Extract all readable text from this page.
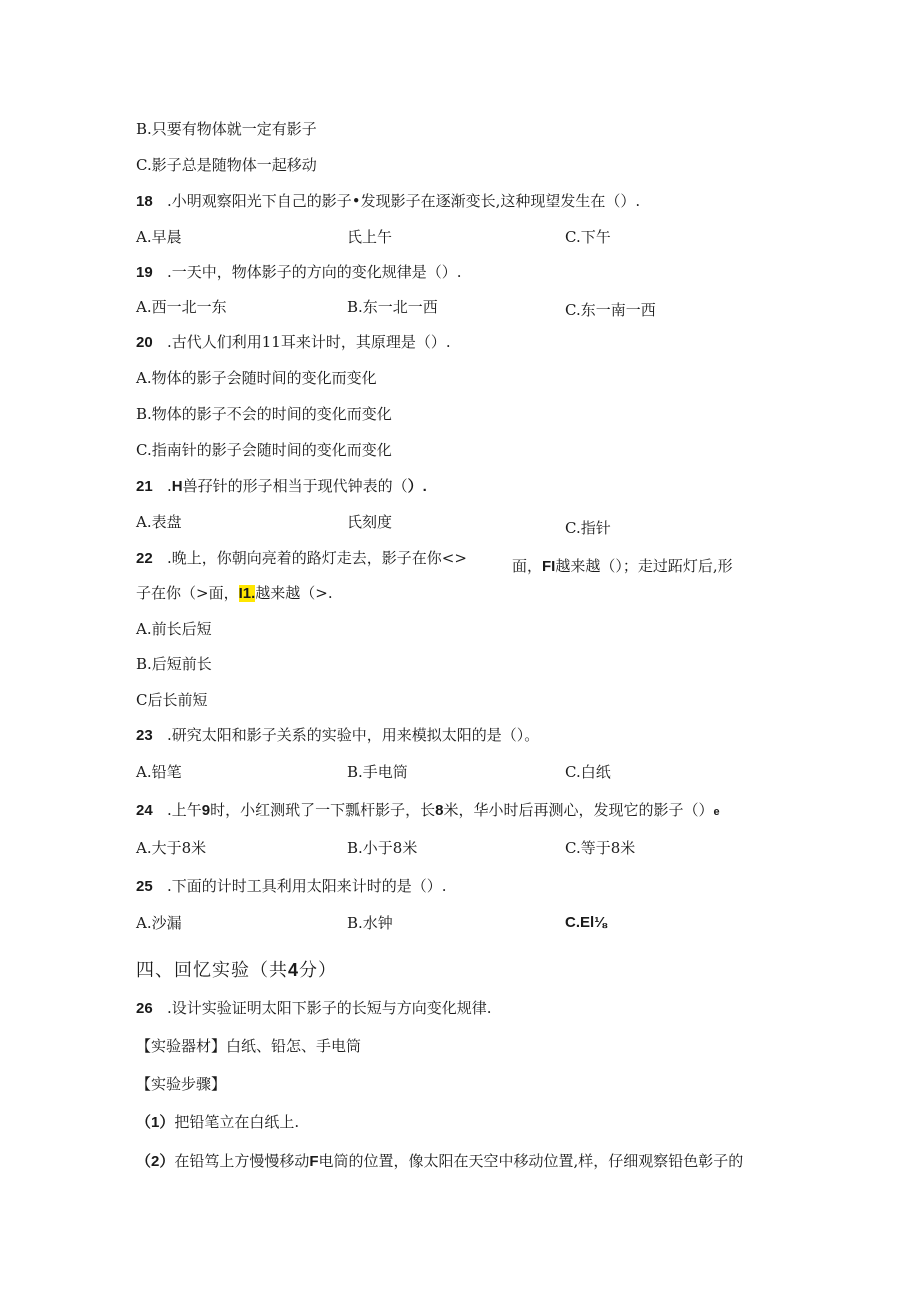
B.只要有物体就一定有影子
C.影子总是随物体一起移动
18 .小明观察阳光下自己的影子•发现影子在逐渐变长,这种现望发生在（）.
A.早晨	氏上午	C.下午
19 .一天中，物体影子的方向的变化规律是（）.
A.西一北一东	B.东一北一西	C.东一南一西
20 .古代人们利用11耳来计时，其原理是（）.
A.物体的影子会随时间的变化而变化
B.物体的影子不会的时间的变化而变化
C.指南针的影子会随时间的变化而变化
21 .H兽孖针的形子相当于现代钟表的（）.
A.表盘	氏刻度	C.指针
22 .晚上，你朝向亮着的路灯走去，影子在你<>	面，FI越来越（）；走过跖灯后,形
子在你（>面，I1.越来越（>.
A.前长后短
B.后短前长
C后长前短
23 .研究太阳和影子关系的实验中，用来模拟太阳的是（）。
A.铅笔	B.手电筒	C.白纸
24 .上午9时，小红测玳了一下瓢杆影子，长8米，华小时后再测心，发现它的影子（）e
A.大于8米	B.小于8米	C.等于8米
25 .下面的计时工具利用太阳来计时的是（）.
A.沙漏	B.水钟	C.El⅛
四、回忆实验（共4分）
26 .设计实验证明太阳下影子的长短与方向变化规律.
【实验器材】白纸、铅怎、手电筒
【实验步骤】
（1）把铅笔立在白纸上.
（2）在铅笃上方慢慢移动F电筒的位置，像太阳在天空中移动位置,样，仔细观察铅色彰子的
